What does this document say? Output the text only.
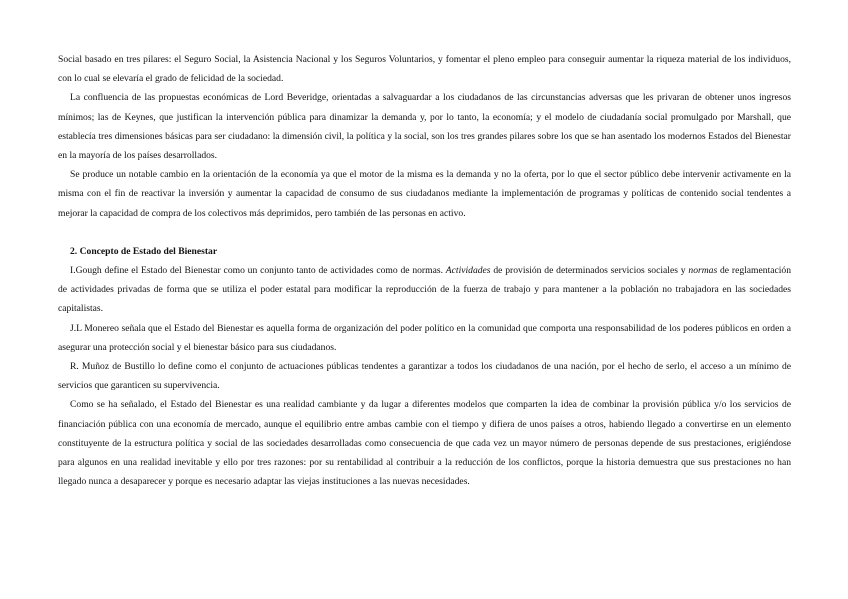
Social basado en tres pilares: el Seguro Social, la Asistencia Nacional y los Seguros Voluntarios, y fomentar el pleno empleo para conseguir aumentar la riqueza material de los individuos, con lo cual se elevaría el grado de felicidad de la sociedad.

La confluencia de las propuestas económicas de Lord Beveridge, orientadas a salvaguardar a los ciudadanos de las circunstancias adversas que les privaran de obtener unos ingresos mínimos; las de Keynes, que justifican la intervención pública para dinamizar la demanda y, por lo tanto, la economía; y el modelo de ciudadanía social promulgado por Marshall, que establecía tres dimensiones básicas para ser ciudadano: la dimensión civil, la política y la social, son los tres grandes pilares sobre los que se han asentado los modernos Estados del Bienestar en la mayoría de los países desarrollados.

Se produce un notable cambio en la orientación de la economía ya que el motor de la misma es la demanda y no la oferta, por lo que el sector público debe intervenir activamente en la misma con el fin de reactivar la inversión y aumentar la capacidad de consumo de sus ciudadanos mediante la implementación de programas y políticas de contenido social tendentes a mejorar la capacidad de compra de los colectivos más deprimidos, pero también de las personas en activo.

2. Concepto de Estado del Bienestar

I.Gough define el Estado del Bienestar como un conjunto tanto de actividades como de normas. Actividades de provisión de determinados servicios sociales y normas de reglamentación de actividades privadas de forma que se utiliza el poder estatal para modificar la reproducción de la fuerza de trabajo y para mantener a la población no trabajadora en las sociedades capitalistas.

J.L Monereo señala que el Estado del Bienestar es aquella forma de organización del poder político en la comunidad que comporta una responsabilidad de los poderes públicos en orden a asegurar una protección social y el bienestar básico para sus ciudadanos.

R. Muñoz de Bustillo lo define como el conjunto de actuaciones públicas tendentes a garantizar a todos los ciudadanos de una nación, por el hecho de serlo, el acceso a un mínimo de servicios que garanticen su supervivencia.

Como se ha señalado, el Estado del Bienestar es una realidad cambiante y da lugar a diferentes modelos que comparten la idea de combinar la provisión pública y/o los servicios de financiación pública con una economía de mercado, aunque el equilibrio entre ambas cambie con el tiempo y difiera de unos países a otros, habiendo llegado a convertirse en un elemento constituyente de la estructura política y social de las sociedades desarrolladas como consecuencia de que cada vez un mayor número de personas depende de sus prestaciones, erigiéndose para algunos en una realidad inevitable y ello por tres razones: por su rentabilidad al contribuir a la reducción de los conflictos, porque la historia demuestra que sus prestaciones no han llegado nunca a desaparecer y porque es necesario adaptar las viejas instituciones a las nuevas necesidades.
